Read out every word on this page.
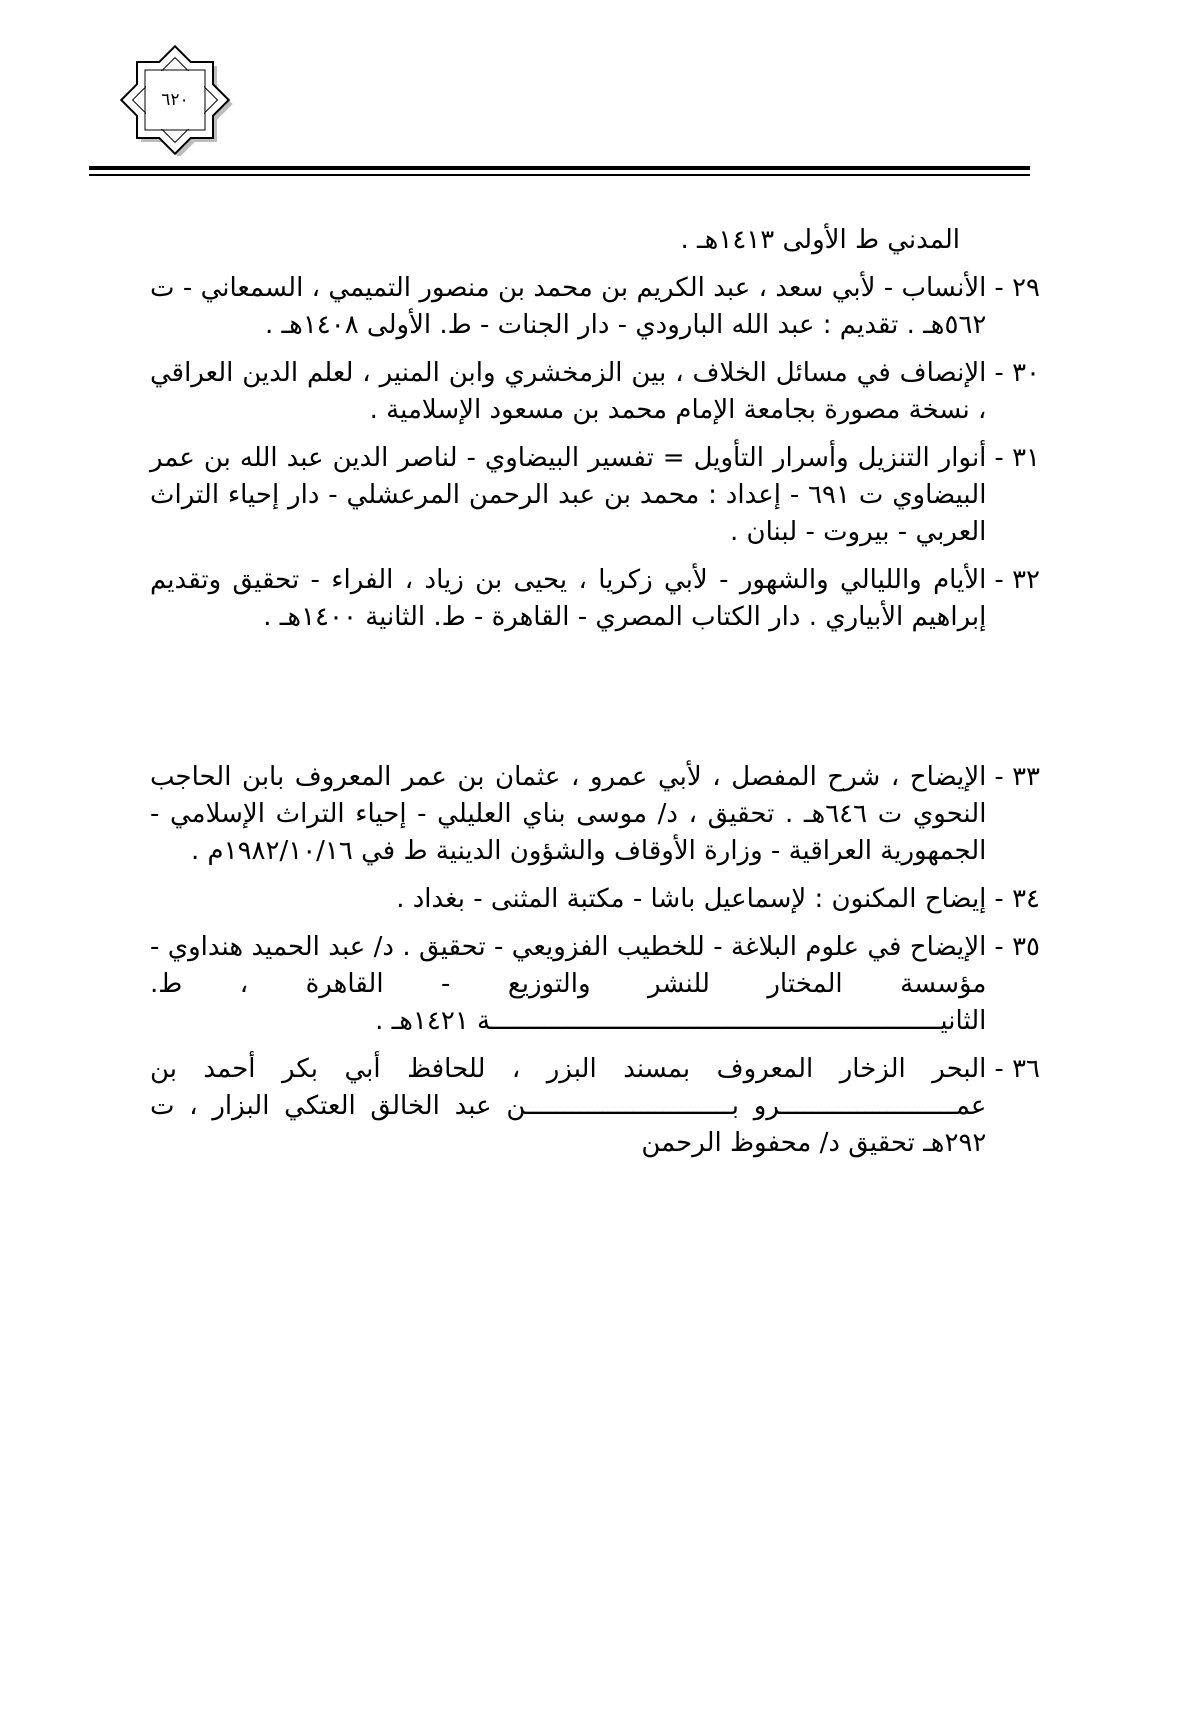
٦٢٠
المدني ط الأولى ١٤١٣هـ .
٢٩ -
الأنساب - لأبي سعد ، عبد الكريم بن محمد بن منصور التميمي ، السمعاني - ت ٥٦٢هـ . تقديم : عبد الله البارودي - دار الجنات - ط. الأولى ١٤٠٨هـ .
٣٠ -
الإنصاف في مسائل الخلاف ، بين الزمخشري وابن المنير ، لعلم الدين العراقي ، نسخة مصورة بجامعة الإمام محمد بن مسعود الإسلامية .
٣١ -
أنوار التنزيل وأسرار التأويل = تفسير البيضاوي - لناصر الدين عبد الله بن عمر البيضاوي ت ٦٩١ - إعداد : محمد بن عبد الرحمن المرعشلي - دار إحياء التراث العربي - بيروت - لبنان .
٣٢ -
الأيام والليالي والشهور - لأبي زكريا ، يحيى بن زياد ، الفراء - تحقيق وتقديم إبراهيم الأبياري . دار الكتاب المصري - القاهرة - ط. الثانية ١٤٠٠هـ .
٣٣ -
الإيضاح ، شرح المفصل ، لأبي عمرو ، عثمان بن عمر المعروف بابن الحاجب النحوي ت ٦٤٦هـ . تحقيق ، د/ موسى بناي العليلي - إحياء التراث الإسلامي - الجمهورية العراقية - وزارة الأوقاف والشؤون الدينية ط في ١٩٨٢/١٠/١٦م .
٣٤ -
إيضاح المكنون : لإسماعيل باشا - مكتبة المثنى - بغداد .
٣٥ -
الإيضاح في علوم البلاغة - للخطيب الفزويعي - تحقيق . د/ عبد الحميد هنداوي - مؤسسة المختار للنشر والتوزيع - القاهرة ، ط. الثانيـــــــــــــــــــــــــــــــــــــــــــــــــــــــــــة ١٤٢١هـ .
٣٦ -
البحر الزخار المعروف بمسند البزر ، للحافظ أبي بكر أحمد بن عمـــــــــــــــــــــــرو بـــــــــــــــــــــــــــن عبد الخالق العتكي البزار ، ت ٢٩٢هـ تحقيق د/ محفوظ الرحمن
